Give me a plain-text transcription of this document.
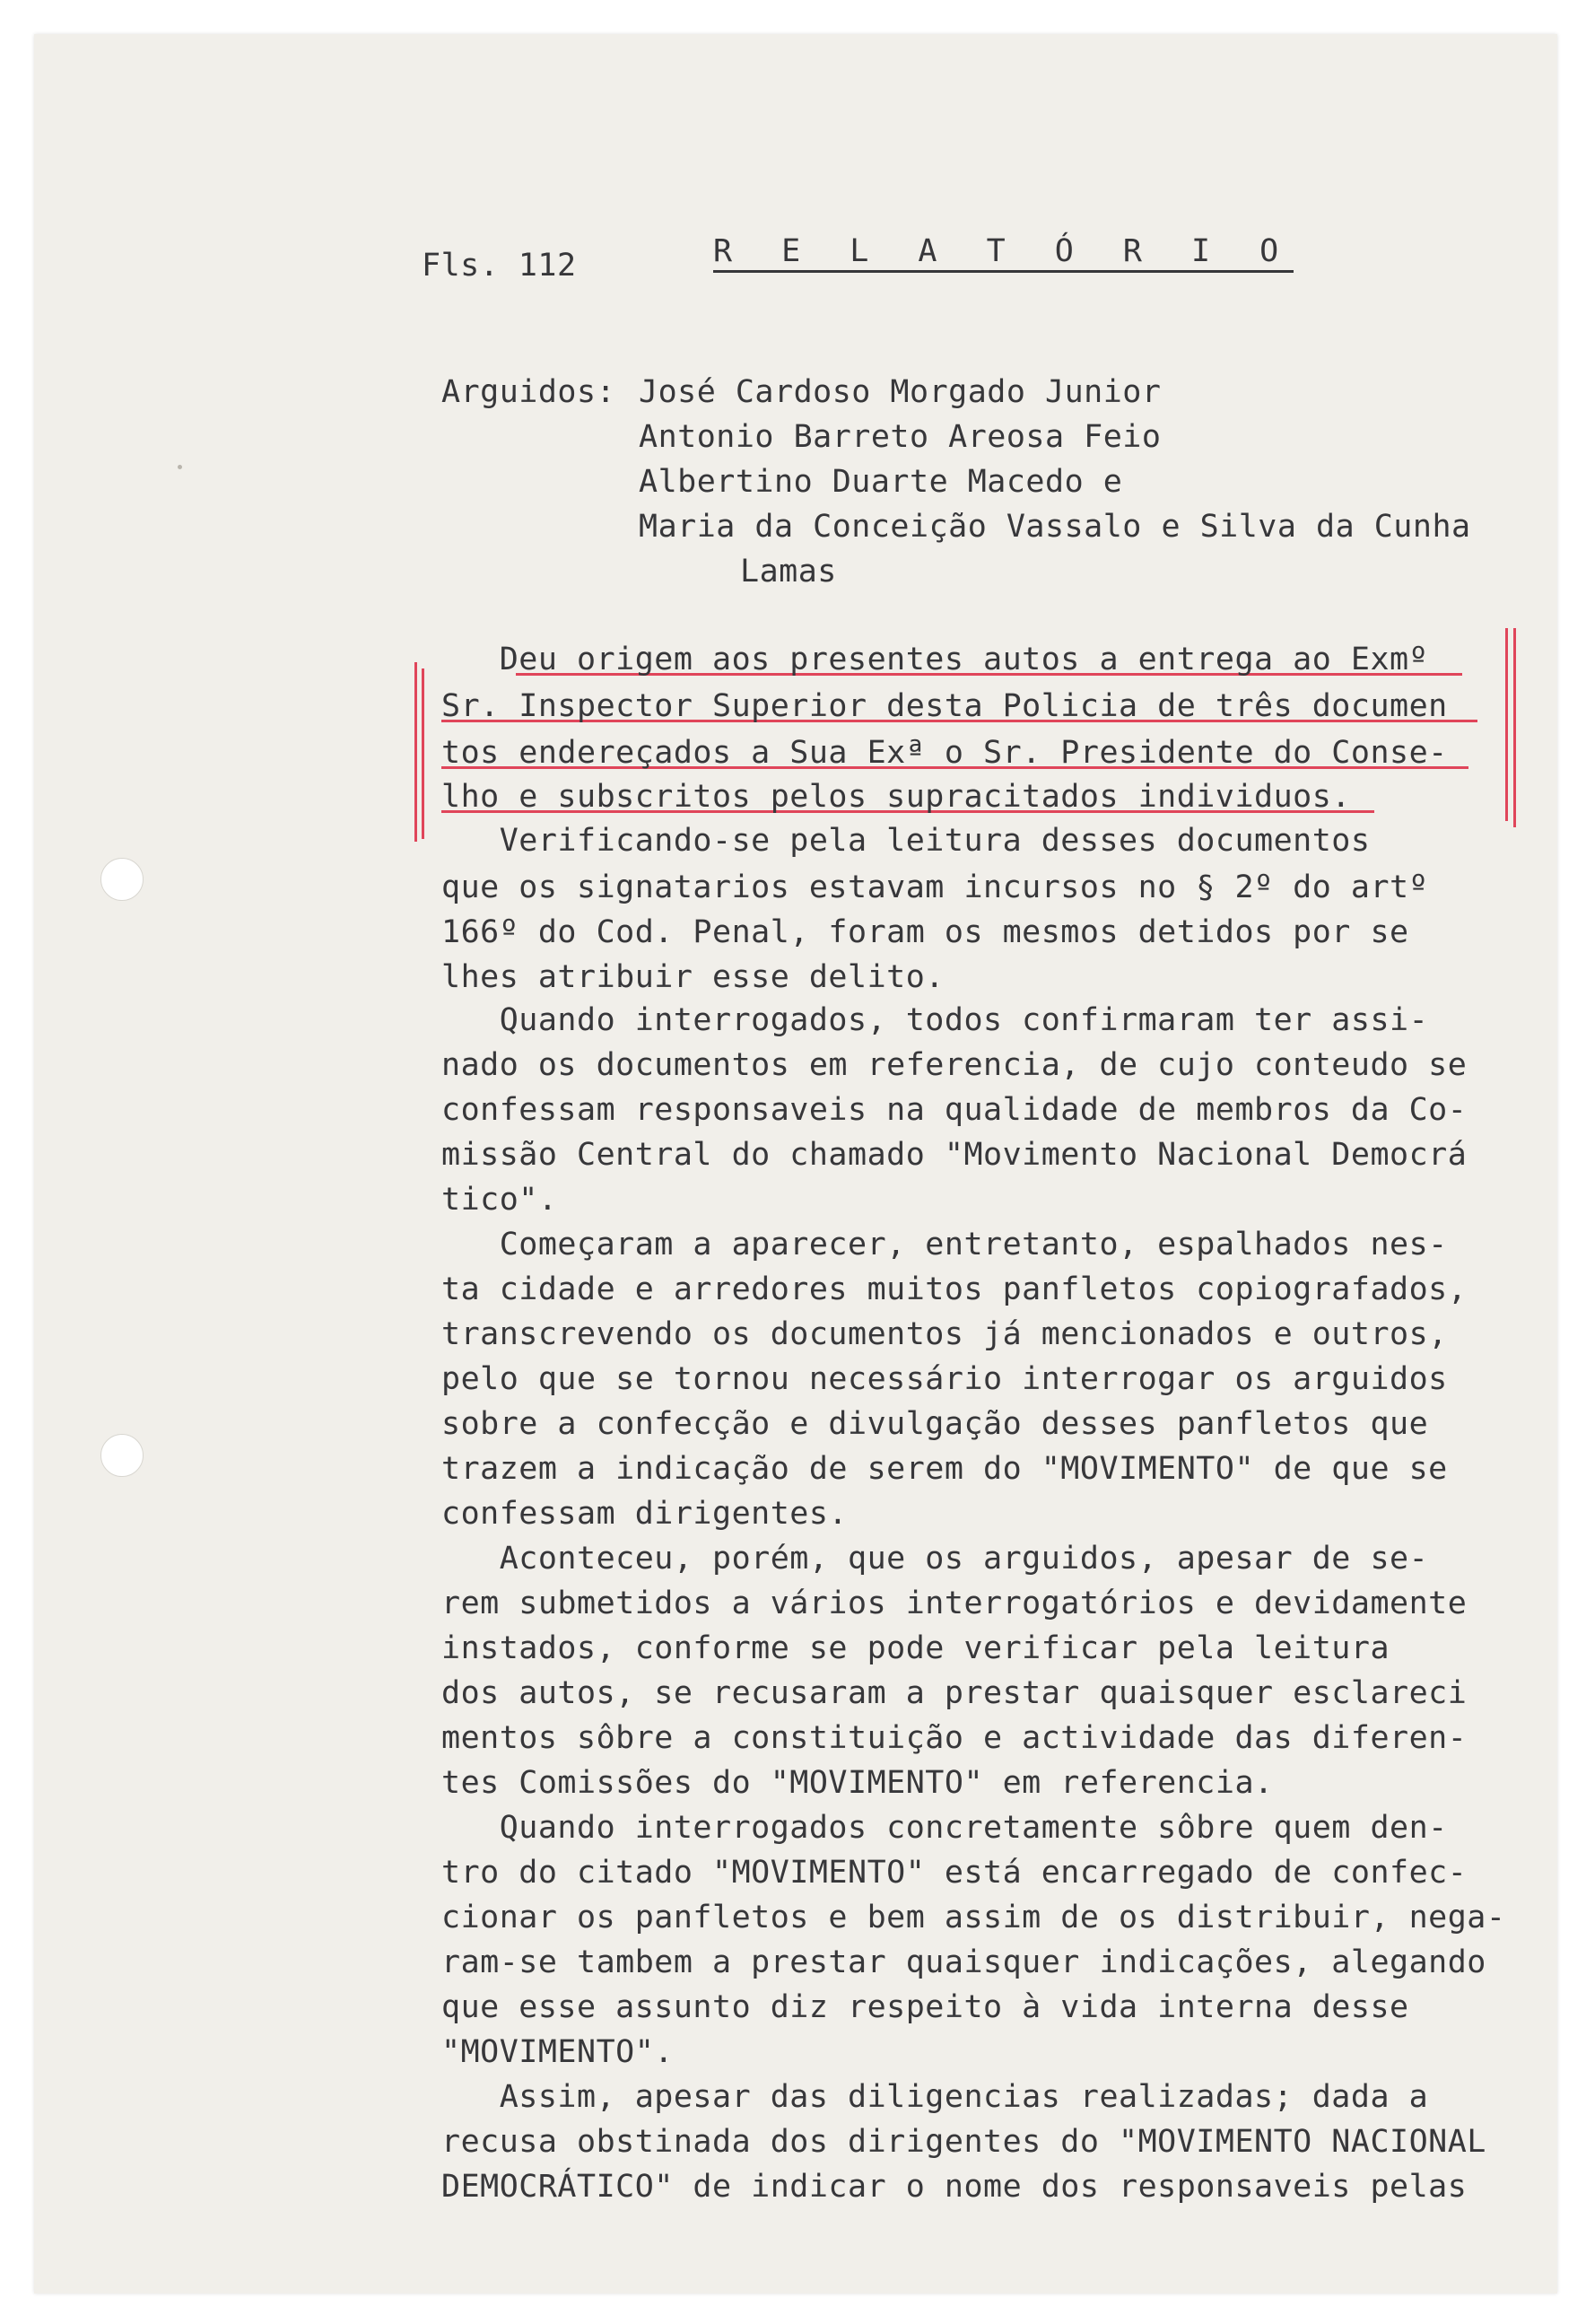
Fls. 112	R E L A T Ó R I O
Arguidos: José Cardoso Morgado Junior
Antonio Barreto Areosa Feio
Albertino Duarte Macedo e
Maria da Conceição Vassalo e Silva da Cunha
Lamas
Deu origem aos presentes autos a entrega ao Exmº
Sr. Inspector Superior desta Policia de três documen
tos endereçados a Sua Exª o Sr. Presidente do Conse-
lho e subscritos pelos supracitados individuos.
Verificando-se pela leitura desses documentos
que os signatarios estavam incursos no § 2º do artº
166º do Cod. Penal, foram os mesmos detidos por se
lhes atribuir esse delito.
Quando interrogados, todos confirmaram ter assi-
nado os documentos em referencia, de cujo conteudo se
confessam responsaveis na qualidade de membros da Co-
missão Central do chamado "Movimento Nacional Democrá
tico".
Começaram a aparecer, entretanto, espalhados nes-
ta cidade e arredores muitos panfletos copiografados,
transcrevendo os documentos já mencionados e outros,
pelo que se tornou necessário interrogar os arguidos
sobre a confecção e divulgação desses panfletos que
trazem a indicação de serem do "MOVIMENTO" de que se
confessam dirigentes.
Aconteceu, porém, que os arguidos, apesar de se-
rem submetidos a vários interrogatórios e devidamente
instados, conforme se pode verificar pela leitura
dos autos, se recusaram a prestar quaisquer esclareci
mentos sôbre a constituição e actividade das diferen-
tes Comissões do "MOVIMENTO" em referencia.
Quando interrogados concretamente sôbre quem den-
tro do citado "MOVIMENTO" está encarregado de confec-
cionar os panfletos e bem assim de os distribuir, nega-
ram-se tambem a prestar quaisquer indicações, alegando
que esse assunto diz respeito à vida interna desse
"MOVIMENTO".
Assim, apesar das diligencias realizadas; dada a
recusa obstinada dos dirigentes do "MOVIMENTO NACIONAL
DEMOCRÁTICO" de indicar o nome dos responsaveis pelas
